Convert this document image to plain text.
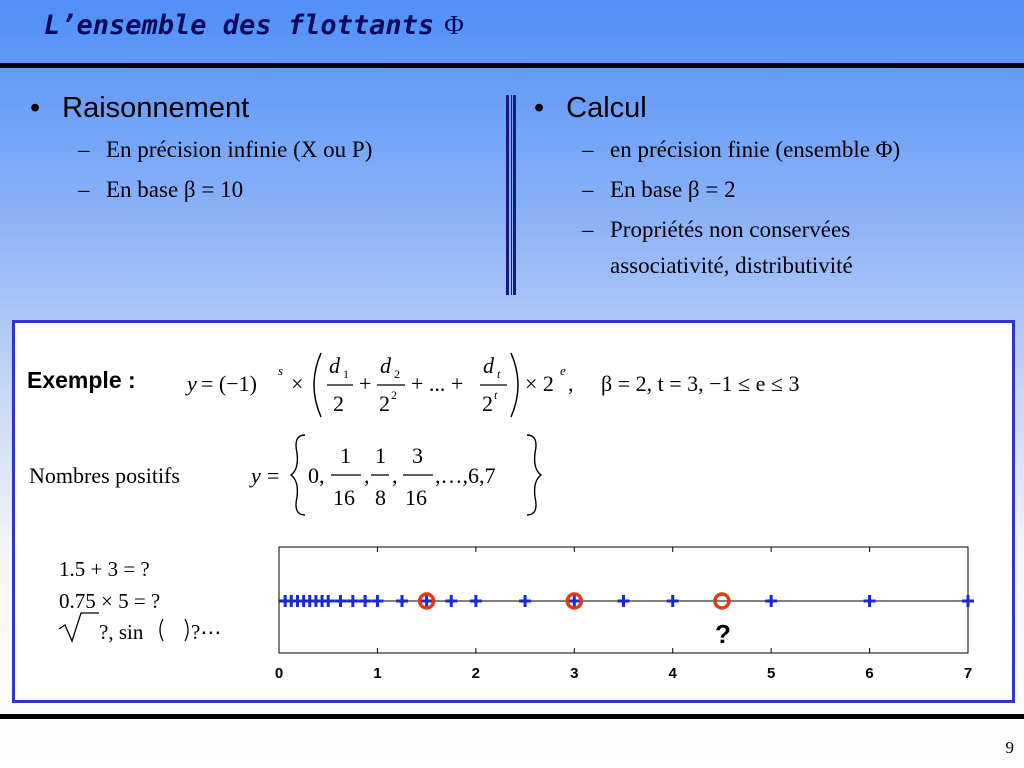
L’ensemble des flottants Φ
• Raisonnement
– En précision infinie (X ou P)
– En base β = 10
• Calcul
– en précision finie (ensemble Φ)
– En base β = 2
– Propriétés non conservées
associativité, distributivité
Exemple : y = (−1)
s
×
d 1
2
+
d 2
2 2 + ... +
d t
2 t × 2
e
, β = 2, t = 3, −1 ≤ e ≤ 3
Nombres positifs	y = 0,
1
16
,
1
8
,
3
16
,…,6,7
1.5 + 3 = ?
0.75 × 5 = ?
?, sin ?⋯
0	1	2	3	4	5	6	7
?
9
